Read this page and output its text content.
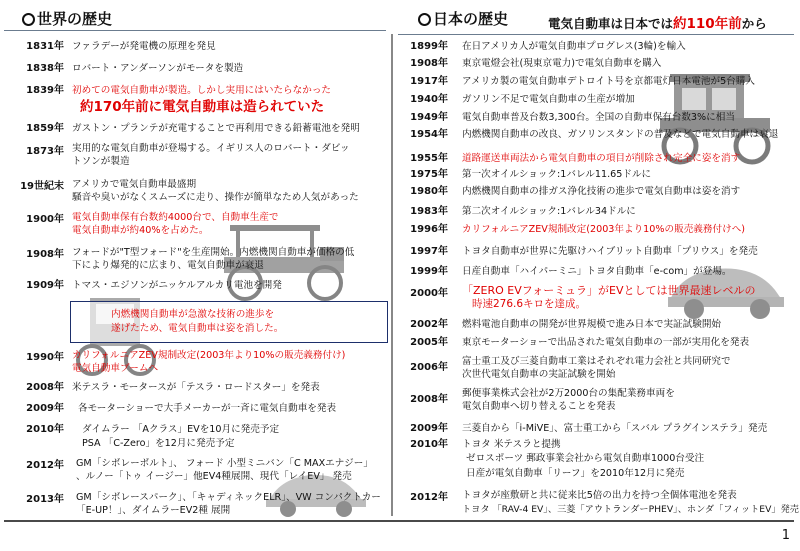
世界の歴史	日本の歴史	電気自動車は日本では約110年前から
1831年 ファラデーが発電機の原理を発見
1838年 ロバート・アンダーソンがモータを製造
1839年 初めての電気自動車が製造。しかし実用にはいたらなかった
約170年前に電気自動車は造られていた
1859年 ガストン・プランテが充電することで再利用できる鉛蓄電池を発明
1873年 実用的な電気自動車が登場する。イギリス人のロバート・ダビッ
トソンが製造
19世紀末 アメリカで電気自動車最盛期
騒音や臭いがなくスムーズに走り、操作が簡単なため人気があった
1900年 電気自動車保有台数約4000台で、自動車生産で
電気自動車が約40%を占めた。
1908年 フォードが"T型フォード"を生産開始。内燃機関自動車が価格の低
下により爆発的に広まり、電気自動車が衰退
1909年 トマス・エジソンがニッケルアルカリ電池を開発
内燃機関自動車が急激な技術の進歩を
遂げたため、電気自動車は姿を消した。
1990年 カリフォルニアZEV規制改定(2003年より10%の販売義務付け)
電気自動車ブームへ
2008年 米テスラ・モータースが「テスラ・ロードスター」を発表
2009年 各モーターショーで大手メーカーが一斉に電気自動車を発表
2010年 ダイムラー 「Aクラス」EVを10月に発売予定
PSA 「C-Zero」を12月に発売予定
2012年 GM「シボレーボルト」、 フォード 小型ミニバン「C MAXエナジー」
、ルノー「トゥ イージー」他EV4種展開、現代「レイEV」 発売
2013年 GM「シボレースパーク」、「キャディネックELR」、VW コンパクトカー
「E-UP！」、ダイムラーEV2種 展開
1899年 在日アメリカ人が電気自動車プログレス(3輪)を輸入
1908年 東京電燈会社(現東京電力)で電気自動車を購入
1917年 アメリカ製の電気自動車デトロイト号を京都電灯日本電池が5台購入
1940年 ガソリン不足で電気自動車の生産が増加
1949年 電気自動車普及台数3,300台。全国の自動車保有台数3%に相当
1954年 内燃機関自動車の改良、ガソリンスタンドの普及などで電気自動車は衰退
1955年 道路運送車両法から電気自動車の項目が削除され完全に姿を消す
1975年 第一次オイルショック:1バレル11.65ドルに
1980年 内燃機関自動車の排ガス浄化技術の進歩で電気自動車は姿を消す
1983年 第二次オイルショック:1バレル34ドルに
1996年 カリフォルニアZEV規制改定(2003年より10%の販売義務付けへ)
1997年 トヨタ自動車が世界に先駆けハイブリット自動車「プリウス」を発売
1999年 日産自動車「ハイパーミニ」トヨタ自動車「e-com」が登場。
2000年 「ZERO EVフォーミュラ」がEVとしては世界最速レベルの
時速276.6キロを達成。
2002年 燃料電池自動車の開発が世界規模で進み日本で実証試験開始
2005年 東京モーターショーで出品された電気自動車の一部が実用化を発表
2006年
富士重工及び三菱自動車工業はそれぞれ電力会社と共同研究で
次世代電気自動車の実証試験を開始
2008年
郵便事業株式会社が2万2000台の集配業務車両を
電気自動車へ切り替えることを発表
2009年 三菱自から「i-MiVE」、富士重工から「スバル プラグインステラ」発売
2010年 トヨタ 米テスラと提携
ゼロスポーツ 郵政事業会社から電気自動車1000台受注
日産が電気自動車「リーフ」を2010年12月に発売
2012年 トヨタが座敷研と共に従来比5倍の出力を持つ全個体電池を発表
トヨタ 「RAV-4 EV」、三菱「アウトランダーPHEV」、ホンダ「フィットEV」発売
1
